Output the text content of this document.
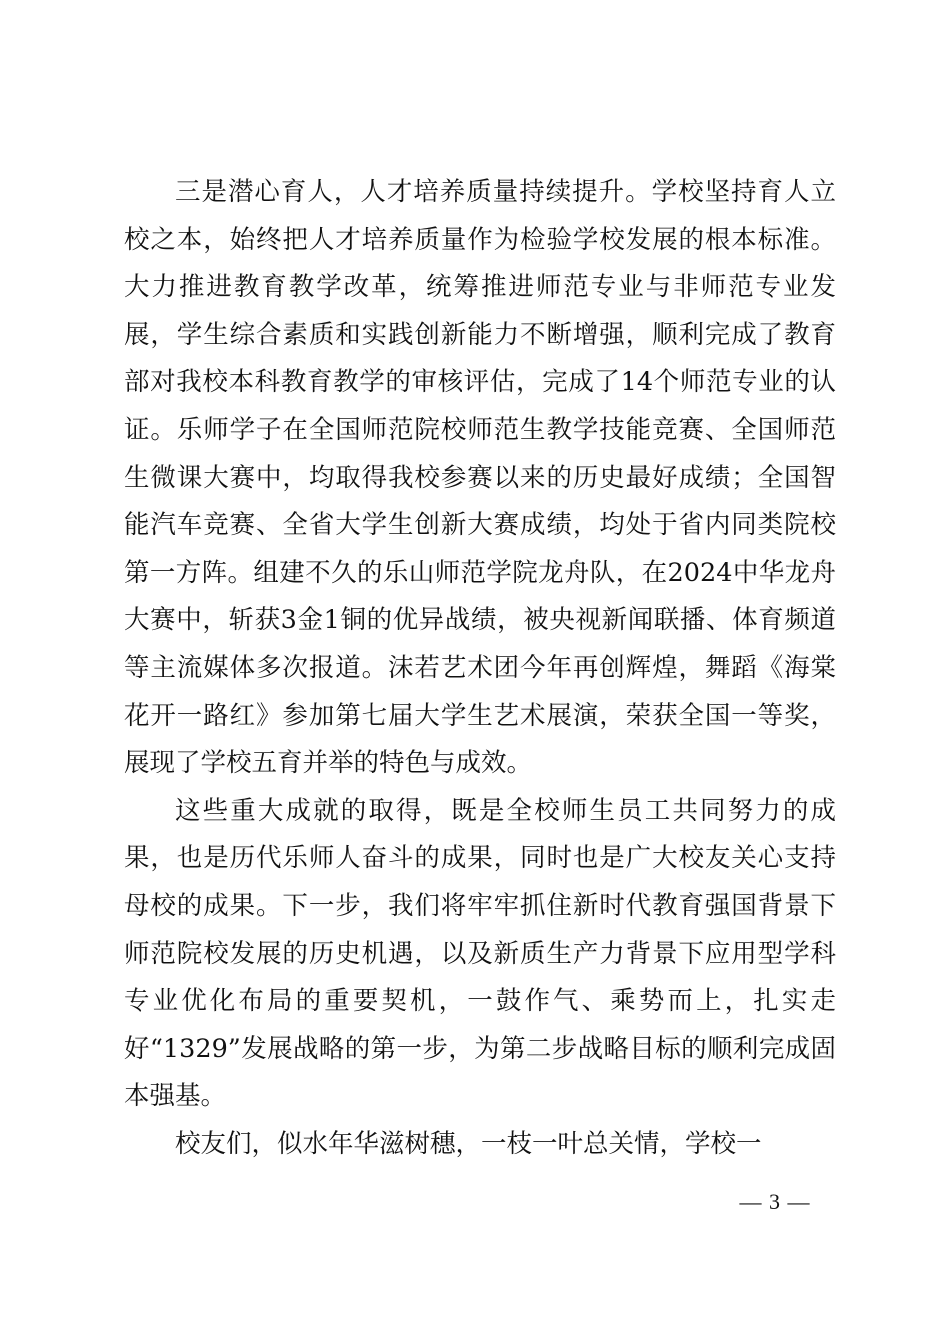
三是潜心育人，人才培养质量持续提升。学校坚持育人立校之本，始终把人才培养质量作为检验学校发展的根本标准。大力推进教育教学改革，统筹推进师范专业与非师范专业发展，学生综合素质和实践创新能力不断增强，顺利完成了教育部对我校本科教育教学的审核评估，完成了14个师范专业的认证。乐师学子在全国师范院校师范生教学技能竞赛、全国师范生微课大赛中，均取得我校参赛以来的历史最好成绩；全国智能汽车竞赛、全省大学生创新大赛成绩，均处于省内同类院校第一方阵。组建不久的乐山师范学院龙舟队，在2024中华龙舟大赛中，斩获3金1铜的优异战绩，被央视新闻联播、体育频道等主流媒体多次报道。沫若艺术团今年再创辉煌，舞蹈《海棠花开一路红》参加第七届大学生艺术展演，荣获全国一等奖，展现了学校五育并举的特色与成效。

这些重大成就的取得，既是全校师生员工共同努力的成果，也是历代乐师人奋斗的成果，同时也是广大校友关心支持母校的成果。下一步，我们将牢牢抓住新时代教育强国背景下师范院校发展的历史机遇，以及新质生产力背景下应用型学科专业优化布局的重要契机，一鼓作气、乘势而上，扎实走好“1329”发展战略的第一步，为第二步战略目标的顺利完成固本强基。

校友们，似水年华滋树穗，一枝一叶总关情，学校一

— 3 —
